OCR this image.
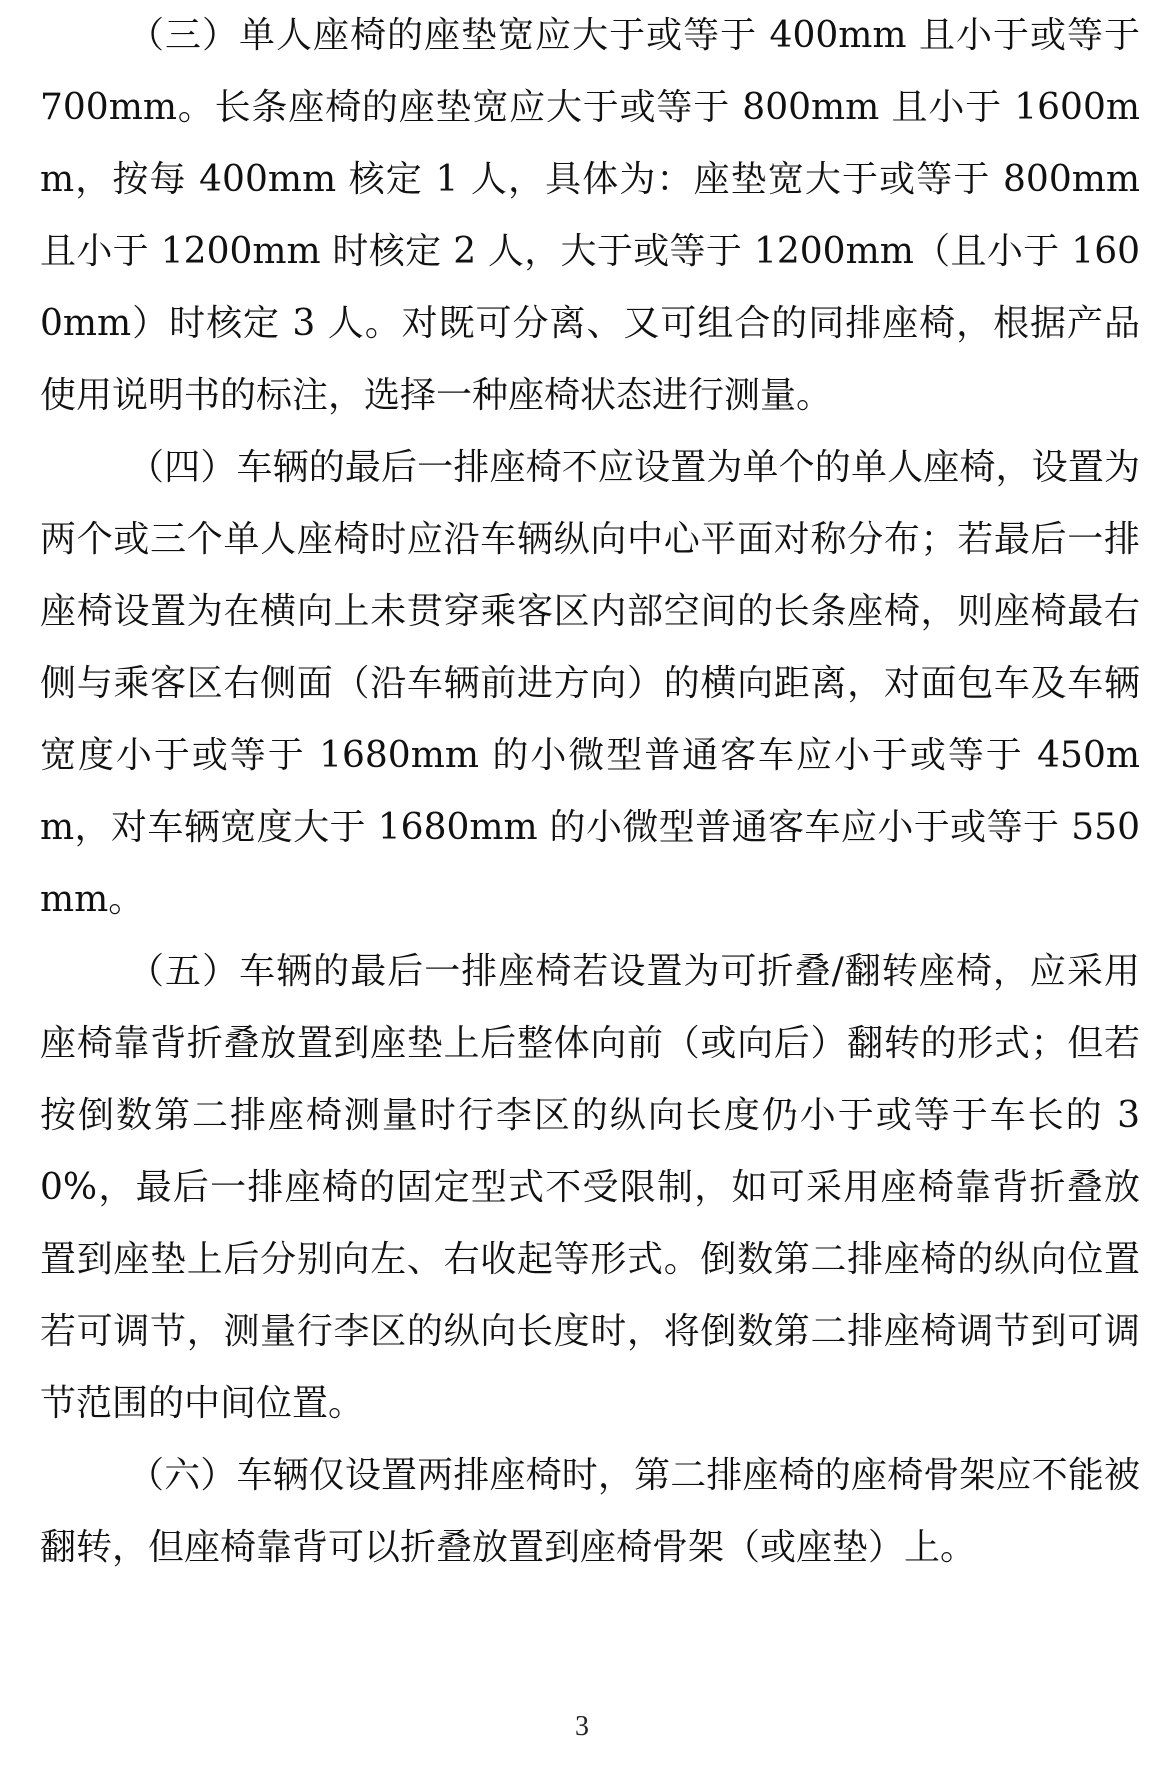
（三）单人座椅的座垫宽应大于或等于 400mm 且小于或等于 700mm。长条座椅的座垫宽应大于或等于 800mm 且小于 1600mm，按每 400mm 核定 1 人，具体为：座垫宽大于或等于 800mm 且小于 1200mm 时核定 2 人，大于或等于 1200mm（且小于 1600mm）时核定 3 人。对既可分离、又可组合的同排座椅，根据产品使用说明书的标注，选择一种座椅状态进行测量。

（四）车辆的最后一排座椅不应设置为单个的单人座椅，设置为两个或三个单人座椅时应沿车辆纵向中心平面对称分布；若最后一排座椅设置为在横向上未贯穿乘客区内部空间的长条座椅，则座椅最右侧与乘客区右侧面（沿车辆前进方向）的横向距离，对面包车及车辆宽度小于或等于 1680mm 的小微型普通客车应小于或等于 450mm，对车辆宽度大于 1680mm 的小微型普通客车应小于或等于 550mm。

（五）车辆的最后一排座椅若设置为可折叠/翻转座椅，应采用座椅靠背折叠放置到座垫上后整体向前（或向后）翻转的形式；但若按倒数第二排座椅测量时行李区的纵向长度仍小于或等于车长的 30%，最后一排座椅的固定型式不受限制，如可采用座椅靠背折叠放置到座垫上后分别向左、右收起等形式。倒数第二排座椅的纵向位置若可调节，测量行李区的纵向长度时，将倒数第二排座椅调节到可调节范围的中间位置。

（六）车辆仅设置两排座椅时，第二排座椅的座椅骨架应不能被翻转，但座椅靠背可以折叠放置到座椅骨架（或座垫）上。

3
